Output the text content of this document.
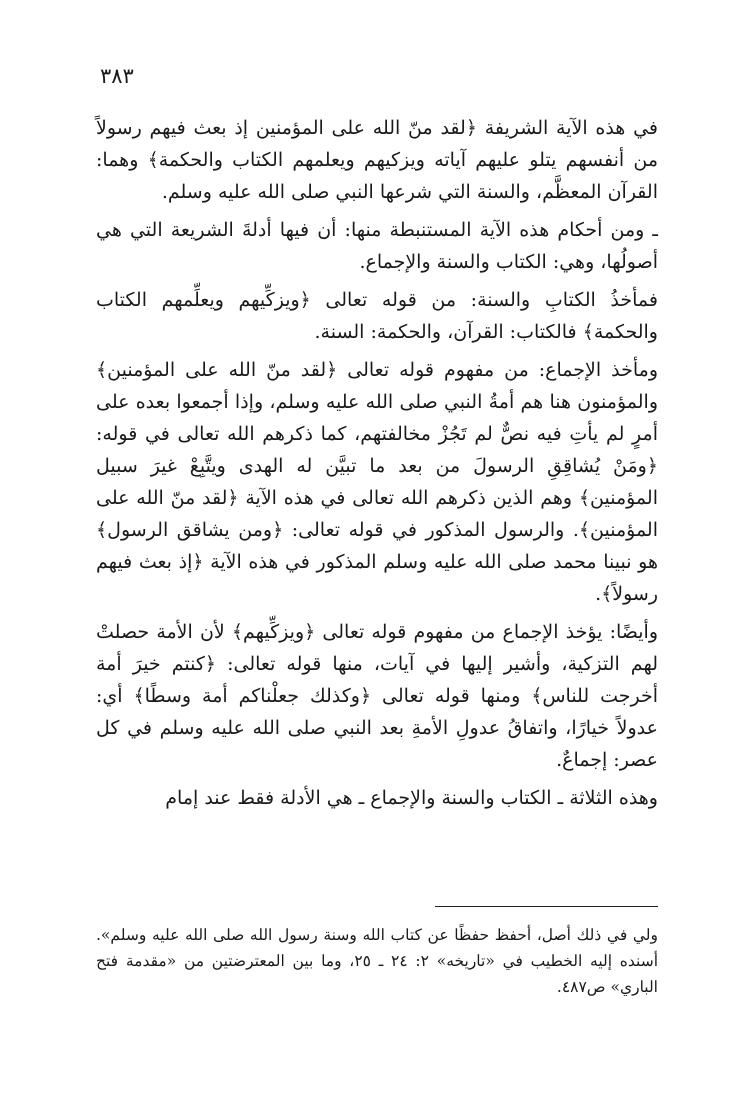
٣٨٣

في هذه الآية الشريفة ﴿لقد منّ الله على المؤمنين إذ بعث فيهم رسولاً من أنفسهم يتلو عليهم آياته ويزكيهم ويعلمهم الكتاب والحكمة﴾ وهما: القرآن المعظَّم، والسنة التي شرعها النبي صلى الله عليه وسلم.

ـ ومن أحكام هذه الآية المستنبطة منها: أن فيها أدلةَ الشريعة التي هي أصولُها، وهي: الكتاب والسنة والإجماع.

فمأخذُ الكتابِ والسنة: من قوله تعالى ﴿ويزكِّيهم ويعلِّمهم الكتاب والحكمة﴾ فالكتاب: القرآن، والحكمة: السنة.

ومأخذ الإجماع: من مفهوم قوله تعالى ﴿لقد منّ الله على المؤمنين﴾ والمؤمنون هنا هم أمةُ النبي صلى الله عليه وسلم، وإذا أجمعوا بعده على أمرٍ لم يأتِ فيه نصٌّ لم تَجُزْ مخالفتهم، كما ذكرهم الله تعالى في قوله: ﴿ومَنْ يُشاقِقِ الرسولَ من بعد ما تبيَّن له الهدى ويتَّبِعْ غيرَ سبيل المؤمنين﴾ وهم الذين ذكرهم الله تعالى في هذه الآية ﴿لقد منّ الله على المؤمنين﴾. والرسول المذكور في قوله تعالى: ﴿ومن يشاقق الرسول﴾ هو نبينا محمد صلى الله عليه وسلم المذكور في هذه الآية ﴿إذ بعث فيهم رسولاً﴾.

وأيضًا: يؤخذ الإجماع من مفهوم قوله تعالى ﴿ويزكِّيهم﴾ لأن الأمة حصلتْ لهم التزكية، وأشير إليها في آيات، منها قوله تعالى: ﴿كنتم خيرَ أمة أخرجت للناس﴾ ومنها قوله تعالى ﴿وكذلك جعلْناكم أمة وسطًا﴾ أي: عدولاً خيارًا، واتفاقُ عدولِ الأمةِ بعد النبي صلى الله عليه وسلم في كل عصر: إجماعٌ.

وهذه الثلاثة ـ الكتاب والسنة والإجماع ـ هي الأدلة فقط عند إمام

ولي في ذلك أصل، أحفظ حفظًا عن كتاب الله وسنة رسول الله صلى الله عليه وسلم». أسنده إليه الخطيب في «تاريخه» ٢: ٢٤ ـ ٢٥، وما بين المعترضتين من «مقدمة فتح الباري» ص٤٨٧.
